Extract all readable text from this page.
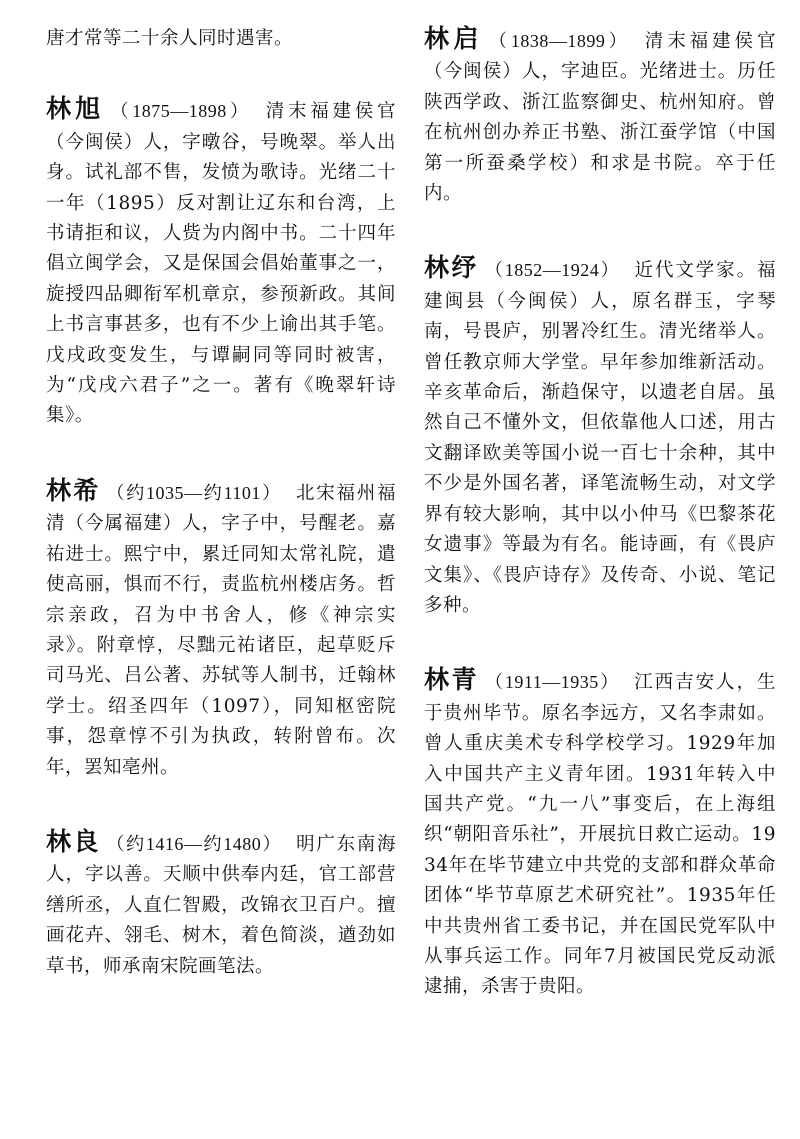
唐才常等二十余人同时遇害。
林旭 （1875—1898） 清末福建侯官（今闽侯）人，字暾谷，号晚翠。举人出身。试礼部不售，发愤为歌诗。光绪二十一年（1895）反对割让辽东和台湾，上书请拒和议，人赀为内阁中书。二十四年倡立闽学会，又是保国会倡始董事之一，旋授四品卿衔军机章京，参预新政。其间上书言事甚多，也有不少上谕出其手笔。戊戌政变发生，与谭嗣同等同时被害，为“戊戌六君子”之一。著有《晚翠轩诗集》。
林希 （约1035—约1101） 北宋福州福清（今属福建）人，字子中，号醒老。嘉祐进士。熙宁中，累迁同知太常礼院，遣使高丽，惧而不行，责监杭州楼店务。哲宗亲政，召为中书舍人，修《神宗实录》。附章惇，尽黜元祐诸臣，起草贬斥司马光、吕公著、苏轼等人制书，迁翰林学士。绍圣四年（1097），同知枢密院事，怨章惇不引为执政，转附曾布。次年，罢知亳州。
林良 （约1416—约1480） 明广东南海人，字以善。天顺中供奉内廷，官工部营缮所丞，人直仁智殿，改锦衣卫百户。擅画花卉、翎毛、树木，着色简淡，遒劲如草书，师承南宋院画笔法。
林启 （1838—1899） 清末福建侯官（今闽侯）人，字迪臣。光绪进士。历任陕西学政、浙江监察御史、杭州知府。曾在杭州创办养正书塾、浙江蚕学馆（中国第一所蚕桑学校）和求是书院。卒于任内。
林纾 （1852—1924） 近代文学家。福建闽县（今闽侯）人，原名群玉，字琴南，号畏庐，别署冷红生。清光绪举人。曾任教京师大学堂。早年参加维新活动。辛亥革命后，渐趋保守，以遗老自居。虽然自己不懂外文，但依靠他人口述，用古文翻译欧美等国小说一百七十余种，其中不少是外国名著，译笔流畅生动，对文学界有较大影响，其中以小仲马《巴黎茶花女遗事》等最为有名。能诗画，有《畏庐文集》、《畏庐诗存》及传奇、小说、笔记多种。
林青 （1911—1935） 江西吉安人，生于贵州毕节。原名李远方，又名李肃如。曾人重庆美术专科学校学习。1929年加入中国共产主义青年团。1931年转入中国共产党。“九一八”事变后，在上海组织“朝阳音乐社”，开展抗日救亡运动。1934年在毕节建立中共党的支部和群众革命团体“毕节草原艺术研究社”。1935年任中共贵州省工委书记，并在国民党军队中从事兵运工作。同年7月被国民党反动派逮捕，杀害于贵阳。
